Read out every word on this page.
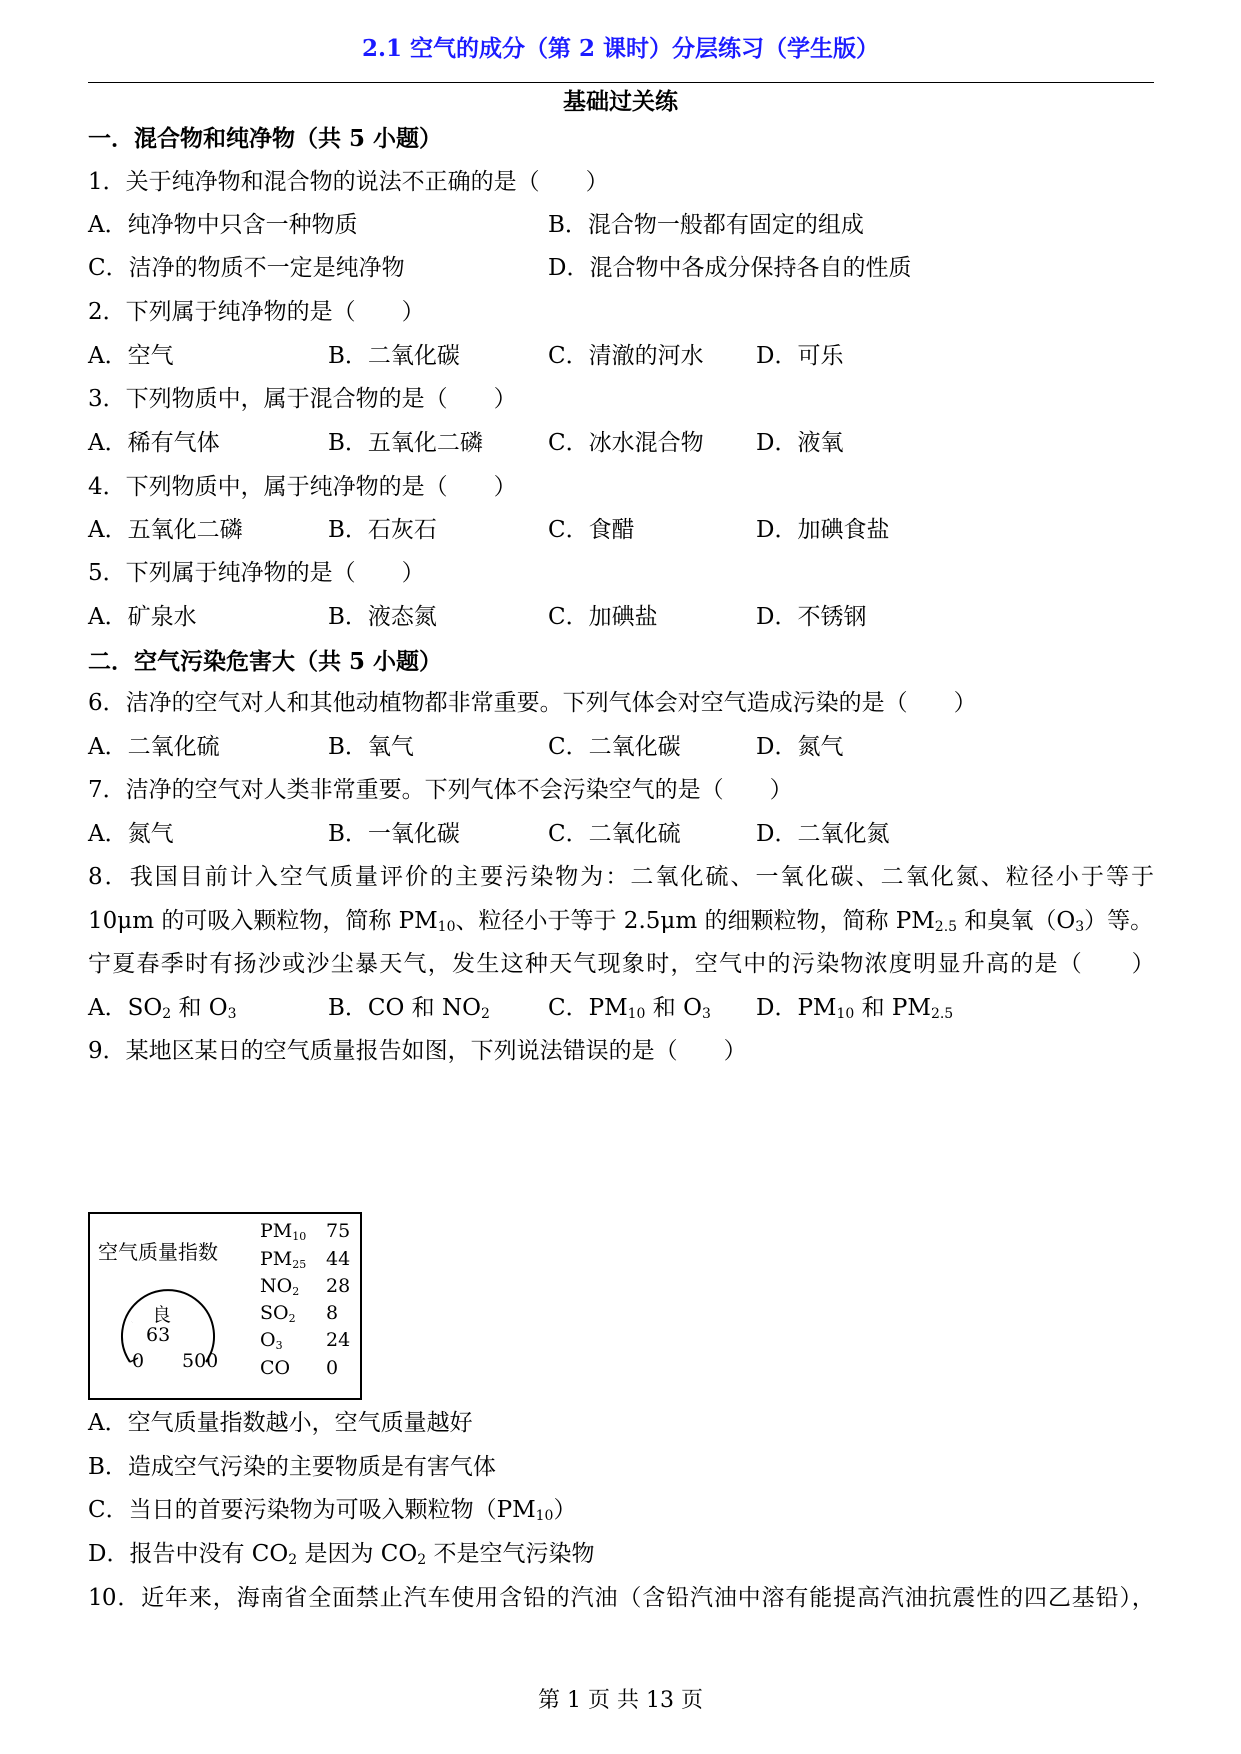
2.1 空气的成分（第 2 课时）分层练习（学生版）
基础过关练
一．混合物和纯净物（共 5 小题）
1．关于纯净物和混合物的说法不正确的是（　　）
A．纯净物中只含一种物质	B．混合物一般都有固定的组成
C．洁净的物质不一定是纯净物	D．混合物中各成分保持各自的性质
2．下列属于纯净物的是（　　）
A．空气	B．二氧化碳	C．清澈的河水 D．可乐
3．下列物质中，属于混合物的是（　　）
A．稀有气体	B．五氧化二磷	C．冰水混合物 D．液氧
4．下列物质中，属于纯净物的是（　　）
A．五氧化二磷	B．石灰石	C．食醋	D．加碘食盐
5．下列属于纯净物的是（　　）
A．矿泉水	B．液态氮	C．加碘盐	D．不锈钢
二．空气污染危害大（共 5 小题）
6．洁净的空气对人和其他动植物都非常重要。下列气体会对空气造成污染的是（　　）
A．二氧化硫	B．氧气	C．二氧化碳	D．氮气
7．洁净的空气对人类非常重要。下列气体不会污染空气的是（　　）
A．氮气	B．一氧化碳	C．二氧化硫	D．二氧化氮
8．我国目前计入空气质量评价的主要污染物为：二氧化硫、一氧化碳、二氧化氮、粒径小于等于
10μm 的可吸入颗粒物，简称 $PM_{10}$、粒径小于等于 2.5μm 的细颗粒物，简称 $PM_{2.5}$ 和臭氧$(O_3)$等。
宁夏春季时有扬沙或沙尘暴天气，发生这种天气现象时，空气中的污染物浓度明显升高的是（　　）
A．$SO_2$ 和 $O_3$	B．CO 和 $NO_2$	C．$PM_{10}$ 和 $O_3$ D．$PM_{10}$ 和 $PM_{2.5}$
9．某地区某日的空气质量报告如图，下列说法错误的是（　　）
空气质量指数
良
63
0 500
$PM_{10}$ 75
$PM_{25}$ 44
$NO_2$ 28
$SO_2$ 8
$O_3$ 24
CO 0
A．空气质量指数越小，空气质量越好
B．造成空气污染的主要物质是有害气体
C．当日的首要污染物为可吸入颗粒物$(PM_{10})$
D．报告中没有 $CO_2$ 是因为 $CO_2$ 不是空气污染物
10．近年来，海南省全面禁止汽车使用含铅的汽油（含铅汽油中溶有能提高汽油抗震性的四乙基铅），
第 1 页 共 13 页
